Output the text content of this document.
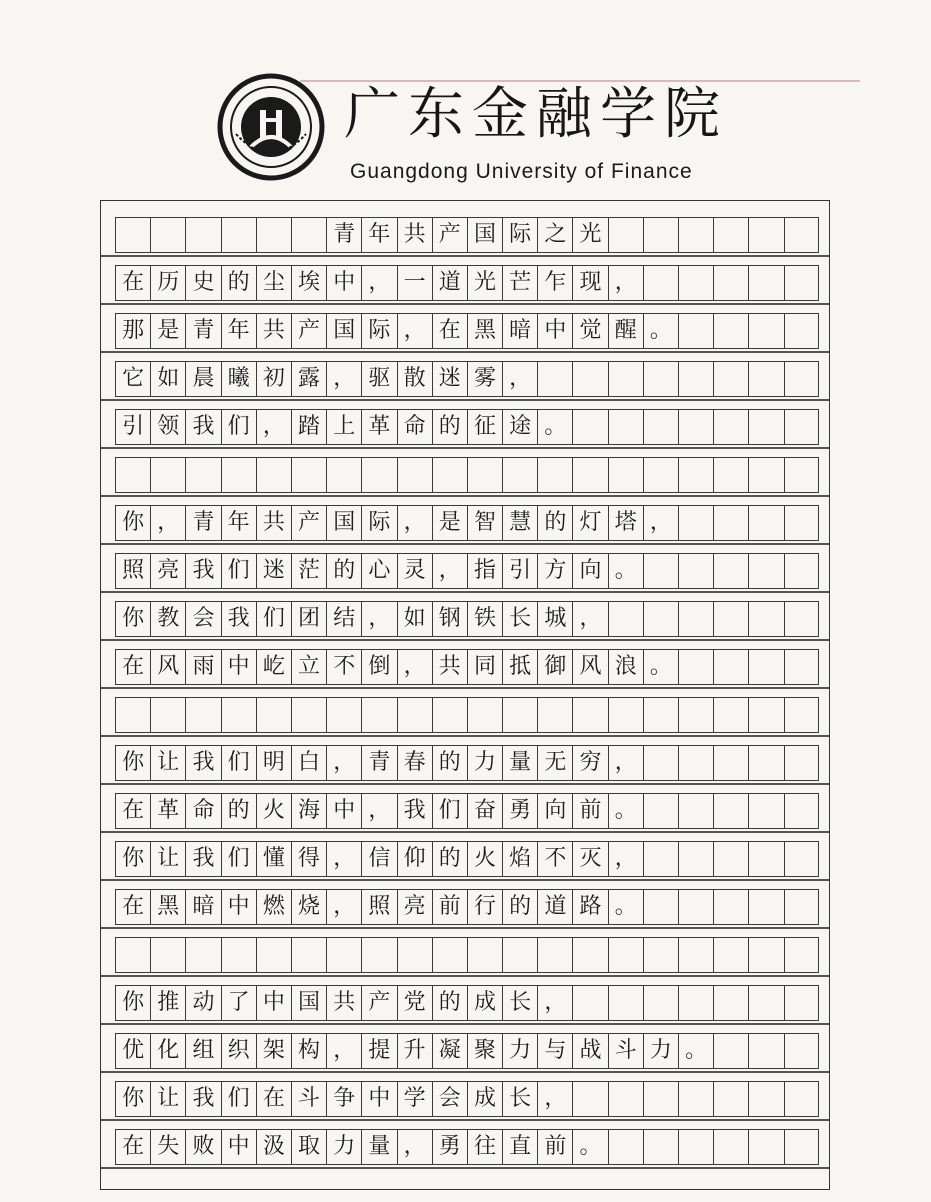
广东金融学院
Guangdong University of Finance
青 年 共 产 国 际 之 光
在 历 史 的 尘 埃 中 ， 一 道 光 芒 乍 现 ，
那 是 青 年 共 产 国 际 ， 在 黑 暗 中 觉 醒 。
它 如 晨 曦 初 露 ， 驱 散 迷 雾 ，
引 领 我 们 ， 踏 上 革 命 的 征 途 。
你 ， 青 年 共 产 国 际 ， 是 智 慧 的 灯 塔 ，
照 亮 我 们 迷 茫 的 心 灵 ， 指 引 方 向 。
你 教 会 我 们 团 结 ， 如 钢 铁 长 城 ，
在 风 雨 中 屹 立 不 倒 ， 共 同 抵 御 风 浪 。
你 让 我 们 明 白 ， 青 春 的 力 量 无 穷 ，
在 革 命 的 火 海 中 ， 我 们 奋 勇 向 前 。
你 让 我 们 懂 得 ， 信 仰 的 火 焰 不 灭 ，
在 黑 暗 中 燃 烧 ， 照 亮 前 行 的 道 路 。
你 推 动 了 中 国 共 产 党 的 成 长 ，
优 化 组 织 架 构 ， 提 升 凝 聚 力 与 战 斗 力 。
你 让 我 们 在 斗 争 中 学 会 成 长 ，
在 失 败 中 汲 取 力 量 ， 勇 往 直 前 。
